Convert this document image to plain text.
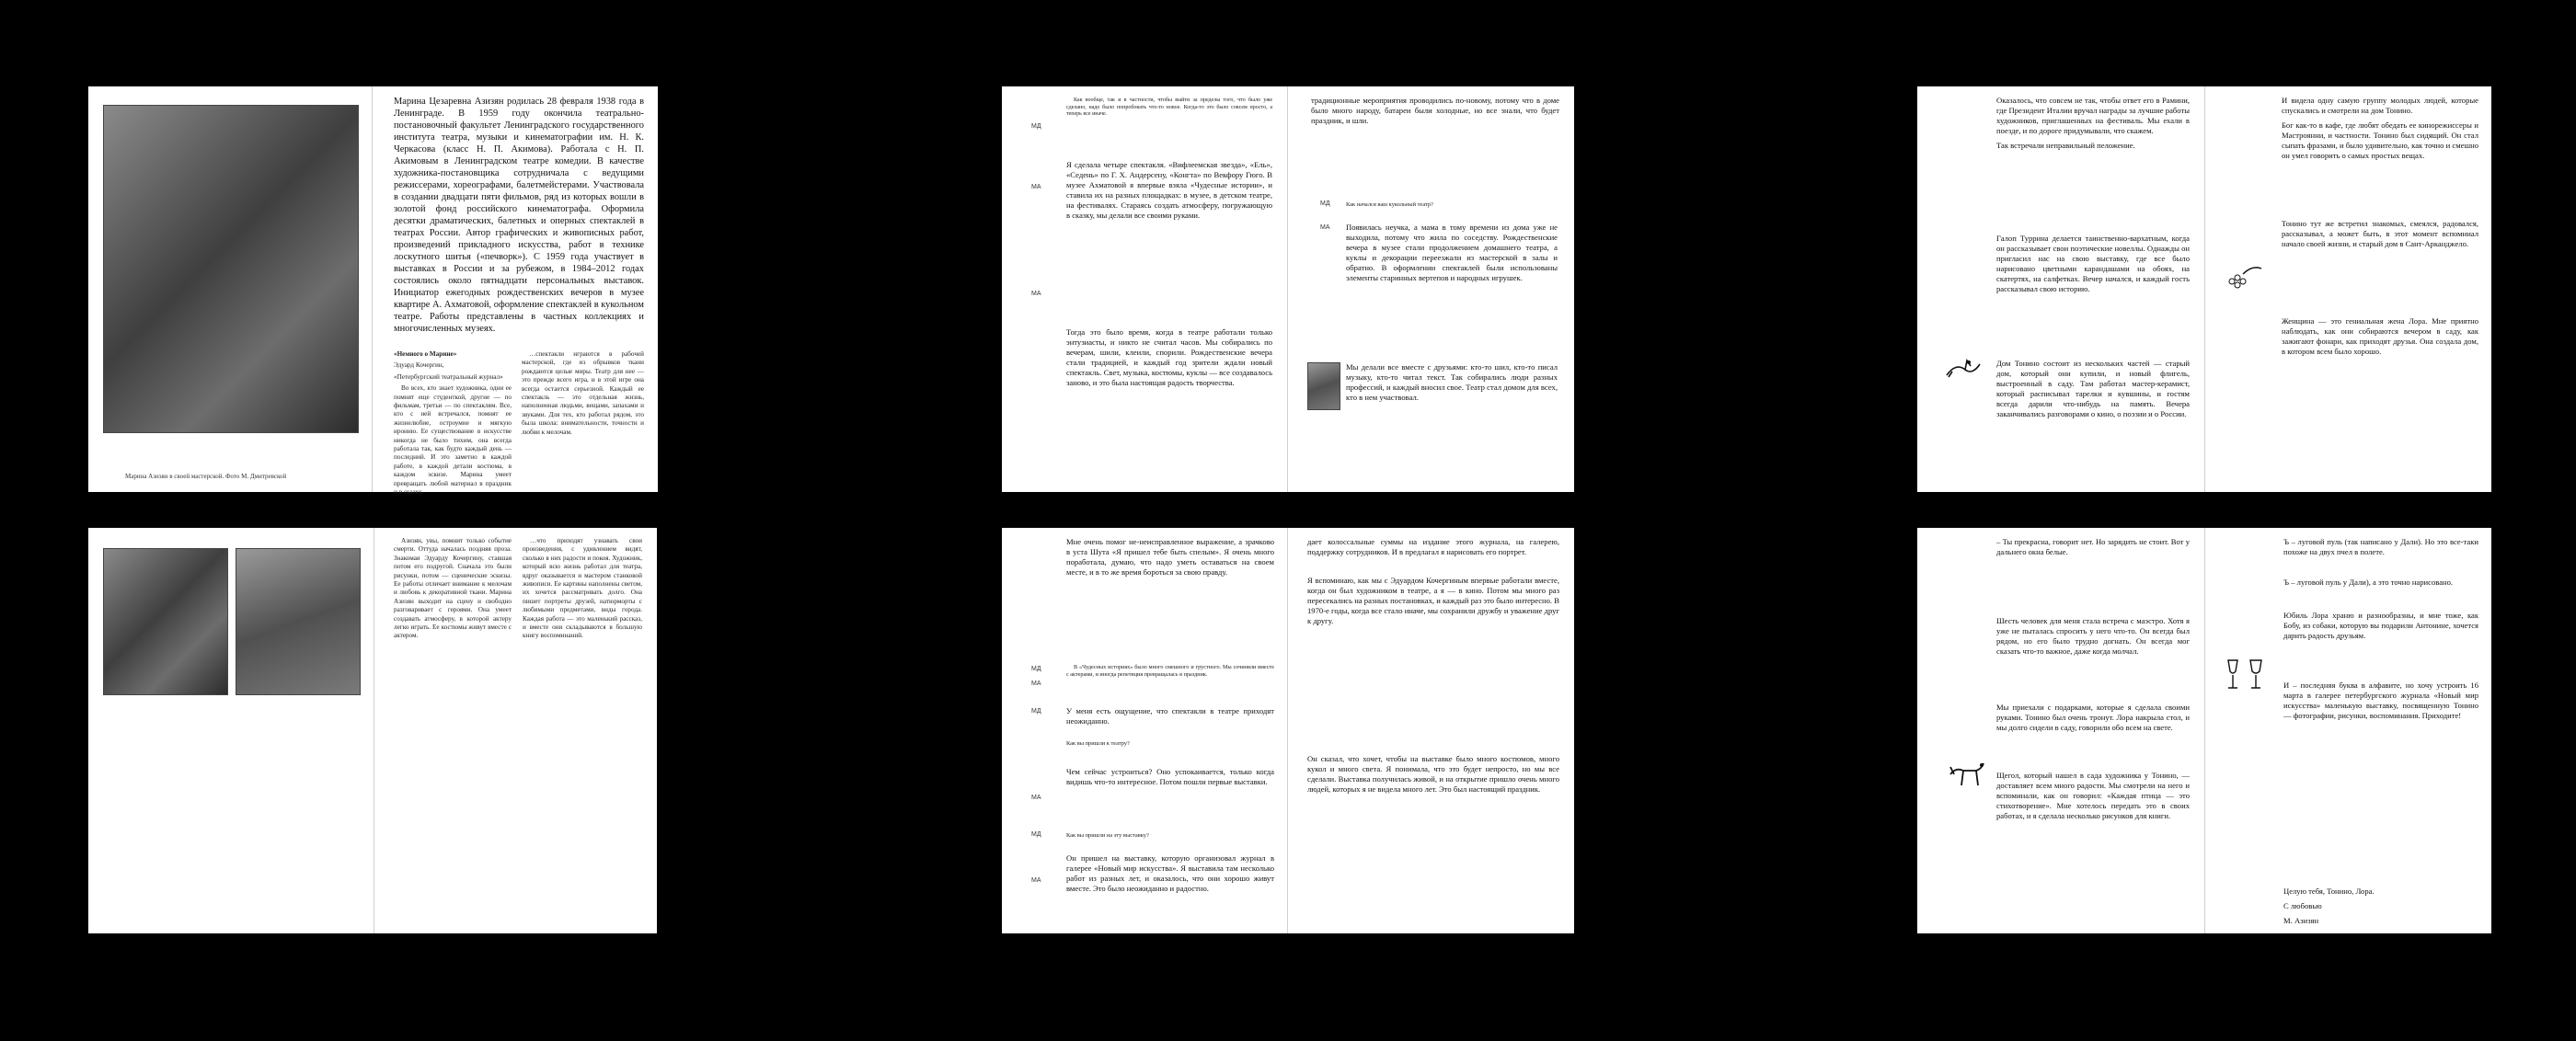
Марина Азизян в своей мастерской. Фото М. Дмитревской

Марина Цезаревна Азизян родилась 28 февраля 1938 года в Ленинграде. В 1959 году окончила театрально-постановочный факультет Ленинградского государственного института театра, музыки и кинематографии им. Н. К. Черкасова (класс Н. П. Акимова). Работала с Н. П. Акимовым в Ленинградском театре комедии. В качестве художника-постановщика сотрудничала с ведущими режиссерами, хореографами, балетмейстерами. Участвовала в создании двадцати пяти фильмов, ряд из которых вошли в золотой фонд российского кинематографа. Оформила десятки драматических, балетных и оперных спектаклей в театрах России. Автор графических и живописных работ, произведений прикладного искусства, работ в технике лоскутного шитья («печворк»). С 1959 года участвует в выставках в России и за рубежом, в 1984–2012 годах состоялись около пятнадцати персональных выставок. Инициатор ежегодных рождественских вечеров в музее квартире А. Ахматовой, оформление спектаклей в кукольном театре. Работы представлены в частных коллекциях и многочисленных музеях.

«Немного о Марине»

Эдуард Кочергин,

«Петербургский театральный журнал»

Во всех, кто знает художника, одни ее помнят еще студенткой, другие — по фильмам, третьи — по спектаклям. Все, кто с ней встречался, помнят ее жизнелюбие, остроумие и мягкую иронию. Ее существование в искусстве никогда не было тихим, она всегда работала так, как будто каждый день — последний. И это заметно в каждой работе, в каждой детали костюма, в каждом эскизе. Марина умеет превращать любой материал в праздник и в сказку.

…спектакли играются в рабочей мастерской, где из обрывков ткани рождаются целые миры. Театр для нее — это прежде всего игра, и в этой игре она всегда остается серьезной. Каждый ее спектакль — это отдельная жизнь, наполненная людьми, вещами, запахами и звуками. Для тех, кто работал рядом, это была школа: внимательности, точности и любви к мелочам.

МД
МА
МА

Как вообще, так и в частности, чтобы выйти за пределы того, что было уже сделано, надо было попробовать что-то новое. Когда-то это было совсем просто, а теперь все иначе.

Я сделала четыре спектакля. «Вифлеемская звезда», «Ель», «Седень» по Г. Х. Андерсену, «Конгта» по Векфору Гюго. В музее Ахматовой я впервые взяла «Чудесные истории», и ставила их на разных площадках: в музее, в детском театре, на фестивалях. Стараясь создать атмосферу, погружающую в сказку, мы делали все своими руками.

Тогда это было время, когда в театре работали только энтузиасты, и никто не считал часов. Мы собирались по вечерам, шили, клеили, спорили. Рождественские вечера стали традицией, и каждый год зрители ждали новый спектакль. Свет, музыка, костюмы, куклы — все создавалось заново, и это была настоящая радость творчества.

традиционные мероприятия проводились по-новому, потому что в доме было много народу, батареи были холодные, но все знали, что будет праздник, и шли.

МД	Как начался ваш кукольный театр?

МА Появилась неучка, а мама в тому времени из дома уже не выходила, потому что жила по соседству. Рождественские вечера в музее стали продолжением домашнего театра, а куклы и декорации переезжали из мастерской в залы и обратно. В оформлении спектаклей были использованы элементы старинных вертепов и народных игрушек.

Мы делали все вместе с друзьями: кто-то шил, кто-то писал музыку, кто-то читал текст. Так собирались люди разных профессий, и каждый вносил свое. Театр стал домом для всех, кто в нем участвовал.

Оказалось, что совсем не так, чтобы ответ его в Рамини, где Президент Италии вручал награды за лучшие работы художников, приглашенных на фестиваль. Мы ехали в поезде, и по дороге придумывали, что скажем.

Так встречали неправильный пеложение.

Галоп Туррина делается таинственно-вархатным, когда он рассказывает свои поэтические новеллы. Однажды он пригласил нас на свою выставку, где все было нарисовано цветными карандашами на обоях, на скатертях, на салфетках. Вечер начался, и каждый гость рассказывал свою историю.

Дом Тонино состоит из нескольких частей — старый дом, который они купили, и новый флигель, выстроенный в саду. Там работал мастер-керамист, который расписывал тарелки и кувшины, и гостям всегда дарили что-нибудь на память. Вечера заканчивались разговорами о кино, о поэзии и о России.

И видела одну самую группу молодых людей, которые спускались и смотрели на дом Тонино.

Бог как-то в кафе, где любят обедать ее кинорежиссеры и Мастроянни, и частности. Тонино был сидящий. Он стал сыпать фразами, и было удивительно, как точно и смешно он умел говорить о самых простых вещах.

Тонино тут же встретил знакомых, смеялся, радовался, рассказывал, а может быть, в этот момент вспоминал начало своей жизни, и старый дом в Сант-Арканджело.

Женщина — это гениальная жена Лора. Мне приятно наблюдать, как они собираются вечером в саду, как зажигают фонари, как приходят друзья. Она создала дом, в котором всем было хорошо.

Азизян, увы, помнит только событие смерти. Оттуда началась поздняя проза. Знакомая Эдуарду Кочергину, ставшая потом его подругой. Сначала это были рисунки, потом — сценические эскизы. Ее работы отличает внимание к мелочам и любовь к декоративной ткани. Марина Азизян выходит на сцену и свободно разговаривает с героями. Она умеет создавать атмосферу, в которой актеру легко играть. Ее костюмы живут вместе с актером.

…что приходят узнавать свои произведения, с удивлением видят, сколько в них радости и покоя. Художник, который всю жизнь работал для театра, вдруг оказывается и мастером станковой живописи. Ее картины наполнены светом, их хочется рассматривать долго. Она пишет портреты друзей, натюрморты с любимыми предметами, виды города. Каждая работа — это маленький рассказ, и вместе они складываются в большую книгу воспоминаний.

МД
МА
МД
МА
МД
МА

Мне очень помог не-неисправленное выражение, а зрачково в уста Шута «Я пришел тебе быть спелым». Я очень много поработала, думаю, что надо уметь оставаться на своем месте, и в то же время бороться за свою правду.

В «Чудесных историях» было много смешного и грустного. Мы сочиняли вместе с актерами, и иногда репетиция превращалась в праздник.

У меня есть ощущение, что спектакли в театре приходят неожиданно.

Как вы пришли к театру?

Чем сейчас устроиться? Оно успокаивается, только когда видишь что-то интересное. Потом пошли первые выставки.

Как вы пришли на эту выставку?

Он пришел на выставку, которую организовал журнал в галерее «Новый мир искусства». Я выставила там несколько работ из разных лет, и оказалось, что они хорошо живут вместе. Это было неожиданно и радостно.

дает колоссальные суммы на издание этого журнала, на галерею, поддержку сотрудников. И в предлагал я нарисовать его портрет.

Я вспоминаю, как мы с Эдуардом Кочергиным впервые работали вместе, когда он был художником в театре, а я — в кино. Потом мы много раз пересекались на разных постановках, и каждый раз это было интересно. В 1970-е годы, когда все стало иначе, мы сохранили дружбу и уважение друг к другу.

Он сказал, что хочет, чтобы на выставке было много костюмов, много кукол и много света. Я понимала, что это будет непросто, но мы все сделали. Выставка получилась живой, и на открытие пришло очень много людей, которых я не видела много лет. Это был настоящий праздник.

– Ты прекрасна, говорит нет. Но зарядить не стоит. Вот у дальнего окна белые.

Шесть человек для меня стала встреча с маэстро. Хотя я уже не пыталась спросить у него что-то. Он всегда был рядом, но его было трудно догнать. Он всегда мог сказать что-то важное, даже когда молчал.

Мы приехали с подарками, которые я сделала своими руками. Тонино был очень тронут. Лора накрыла стол, и мы долго сидели в саду, говорили обо всем на свете.

Щегол, который нашел в сада художника у Тонино, — доставляет всем много радости. Мы смотрели на него и вспоминали, как он говорил: «Каждая птица — это стихотворение». Мне хотелось передать это в своих работах, и я сделала несколько рисунков для книги.

Ъ – луговой пуль (так написано у Дали). Но это все-таки похоже на двух пчел в полете.

Ъ – луговой пуль у Дали), а это точно нарисовано.

Юбиль Лора храню и разнообразны, и мне тоже, как Бобу, из собаки, которую вы подарили Антонине, хочется дарить радость друзьям.

И – последняя буква в алфавите, но хочу устроить 16 марта в галерее петербургского журнала «Новый мир искусства» маленькую выставку, посвященную Тонино — фотографии, рисунки, воспоминания. Приходите!

Целую тебя, Тонино, Лора.

С любовью

М. Азизян
